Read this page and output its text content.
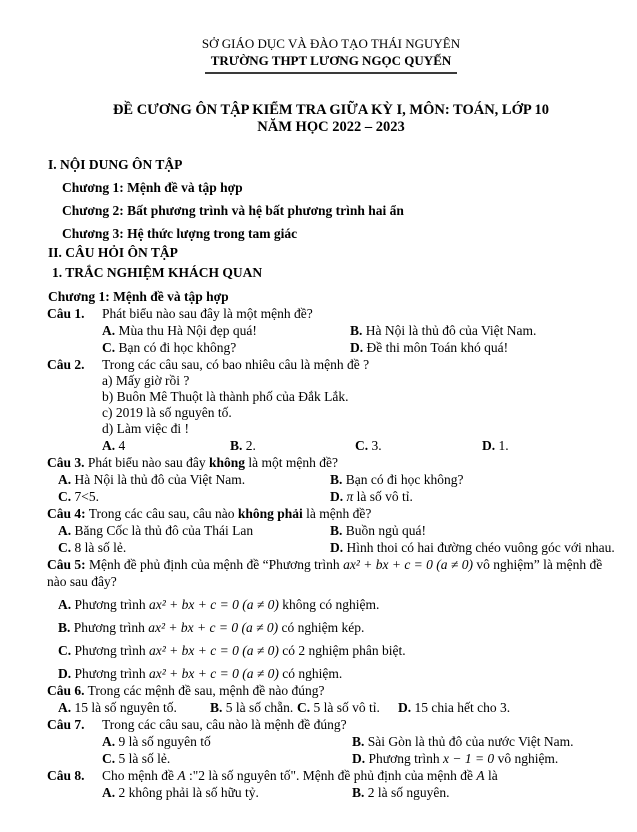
SỞ GIÁO DỤC VÀ ĐÀO TẠO THÁI NGUYÊN
TRƯỜNG THPT LƯƠNG NGỌC QUYẾN
ĐỀ CƯƠNG ÔN TẬP KIỂM TRA GIỮA KỲ I, MÔN: TOÁN, LỚP 10
NĂM HỌC 2022 – 2023
I. NỘI DUNG ÔN TẬP
Chương 1: Mệnh đề và tập hợp
Chương 2: Bất phương trình và hệ bất phương trình hai ẩn
Chương 3: Hệ thức lượng trong tam giác
II. CÂU HỎI ÔN TẬP
1. TRẮC NGHIỆM KHÁCH QUAN
Chương 1: Mệnh đề và tập hợp
Câu 1.	Phát biểu nào sau đây là một mệnh đề?
A. Mùa thu Hà Nội đẹp quá!	B. Hà Nội là thủ đô của Việt Nam.
C. Bạn có đi học không?	D. Đề thi môn Toán khó quá!
Câu 2.	Trong các câu sau, có bao nhiêu câu là mệnh đề ?
a) Mấy giờ rồi ?
b) Buôn Mê Thuột là thành phố của Đắk Lắk.
c) 2019 là số nguyên tố.
d) Làm việc đi !
A. 4	B. 2.	C. 3.	D. 1.
Câu 3. Phát biểu nào sau đây không là một mệnh đề?
A. Hà Nội là thủ đô của Việt Nam.	B. Bạn có đi học không?
C. 7<5.	D. π là số vô tỉ.
Câu 4: Trong các câu sau, câu nào không phải là mệnh đề?
A. Băng Cốc là thủ đô của Thái Lan	B. Buồn ngủ quá!
C. 8 là số lẻ.	D. Hình thoi có hai đường chéo vuông góc với nhau.
Câu 5: Mệnh đề phủ định của mệnh đề “Phương trình ax² + bx + c = 0 (a ≠ 0) vô nghiệm” là mệnh đề nào sau đây?
A. Phương trình ax² + bx + c = 0 (a ≠ 0) không có nghiệm.
B. Phương trình ax² + bx + c = 0 (a ≠ 0) có nghiệm kép.
C. Phương trình ax² + bx + c = 0 (a ≠ 0) có 2 nghiệm phân biệt.
D. Phương trình ax² + bx + c = 0 (a ≠ 0) có nghiệm.
Câu 6. Trong các mệnh đề sau, mệnh đề nào đúng?
A. 15 là số nguyên tố.	B. 5 là số chẵn. C. 5 là số vô tỉ.	D. 15 chia hết cho 3.
Câu 7.	Trong các câu sau, câu nào là mệnh đề đúng?
A. 9 là số nguyên tố	B. Sài Gòn là thủ đô của nước Việt Nam.
C. 5 là số lẻ.	D. Phương trình x − 1 = 0 vô nghiệm.
Câu 8.	Cho mệnh đề A :"2 là số nguyên tố". Mệnh đề phủ định của mệnh đề A là
A. 2 không phải là số hữu tỷ.	B. 2 là số nguyên.
